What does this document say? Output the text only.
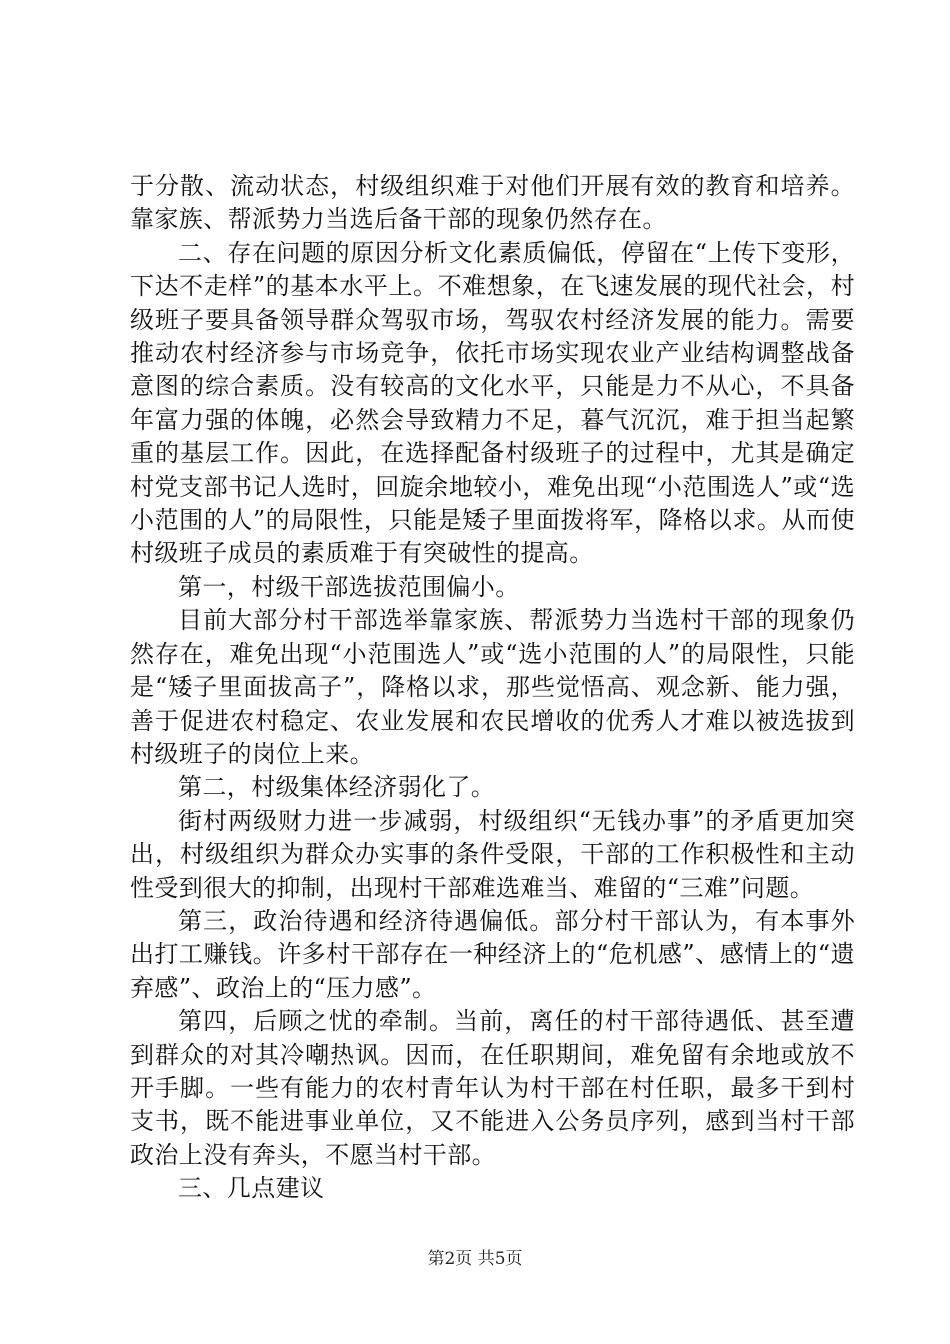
于分散、流动状态，村级组织难于对他们开展有效的教育和培养。靠家族、帮派势力当选后备干部的现象仍然存在。

二、存在问题的原因分析文化素质偏低，停留在“上传下变形，下达不走样”的基本水平上。不难想象，在飞速发展的现代社会，村级班子要具备领导群众驾驭市场，驾驭农村经济发展的能力。需要推动农村经济参与市场竞争，依托市场实现农业产业结构调整战备意图的综合素质。没有较高的文化水平，只能是力不从心，不具备年富力强的体魄，必然会导致精力不足，暮气沉沉，难于担当起繁重的基层工作。因此，在选择配备村级班子的过程中，尤其是确定村党支部书记人选时，回旋余地较小，难免出现“小范围选人”或“选小范围的人”的局限性，只能是矮子里面拨将军，降格以求。从而使村级班子成员的素质难于有突破性的提高。

第一，村级干部选拔范围偏小。

目前大部分村干部选举靠家族、帮派势力当选村干部的现象仍然存在，难免出现“小范围选人”或“选小范围的人”的局限性，只能是“矮子里面拔高子”，降格以求，那些觉悟高、观念新、能力强，善于促进农村稳定、农业发展和农民增收的优秀人才难以被选拔到村级班子的岗位上来。

第二，村级集体经济弱化了。

街村两级财力进一步减弱，村级组织“无钱办事”的矛盾更加突出，村级组织为群众办实事的条件受限，干部的工作积极性和主动性受到很大的抑制，出现村干部难选难当、难留的“三难”问题。

第三，政治待遇和经济待遇偏低。部分村干部认为，有本事外出打工赚钱。许多村干部存在一种经济上的“危机感”、感情上的“遗弃感”、政治上的“压力感”。

第四，后顾之忧的牵制。当前，离任的村干部待遇低、甚至遭到群众的对其冷嘲热讽。因而，在任职期间，难免留有余地或放不开手脚。一些有能力的农村青年认为村干部在村任职，最多干到村支书，既不能进事业单位，又不能进入公务员序列，感到当村干部政治上没有奔头，不愿当村干部。

三、几点建议

第2页 共5页
